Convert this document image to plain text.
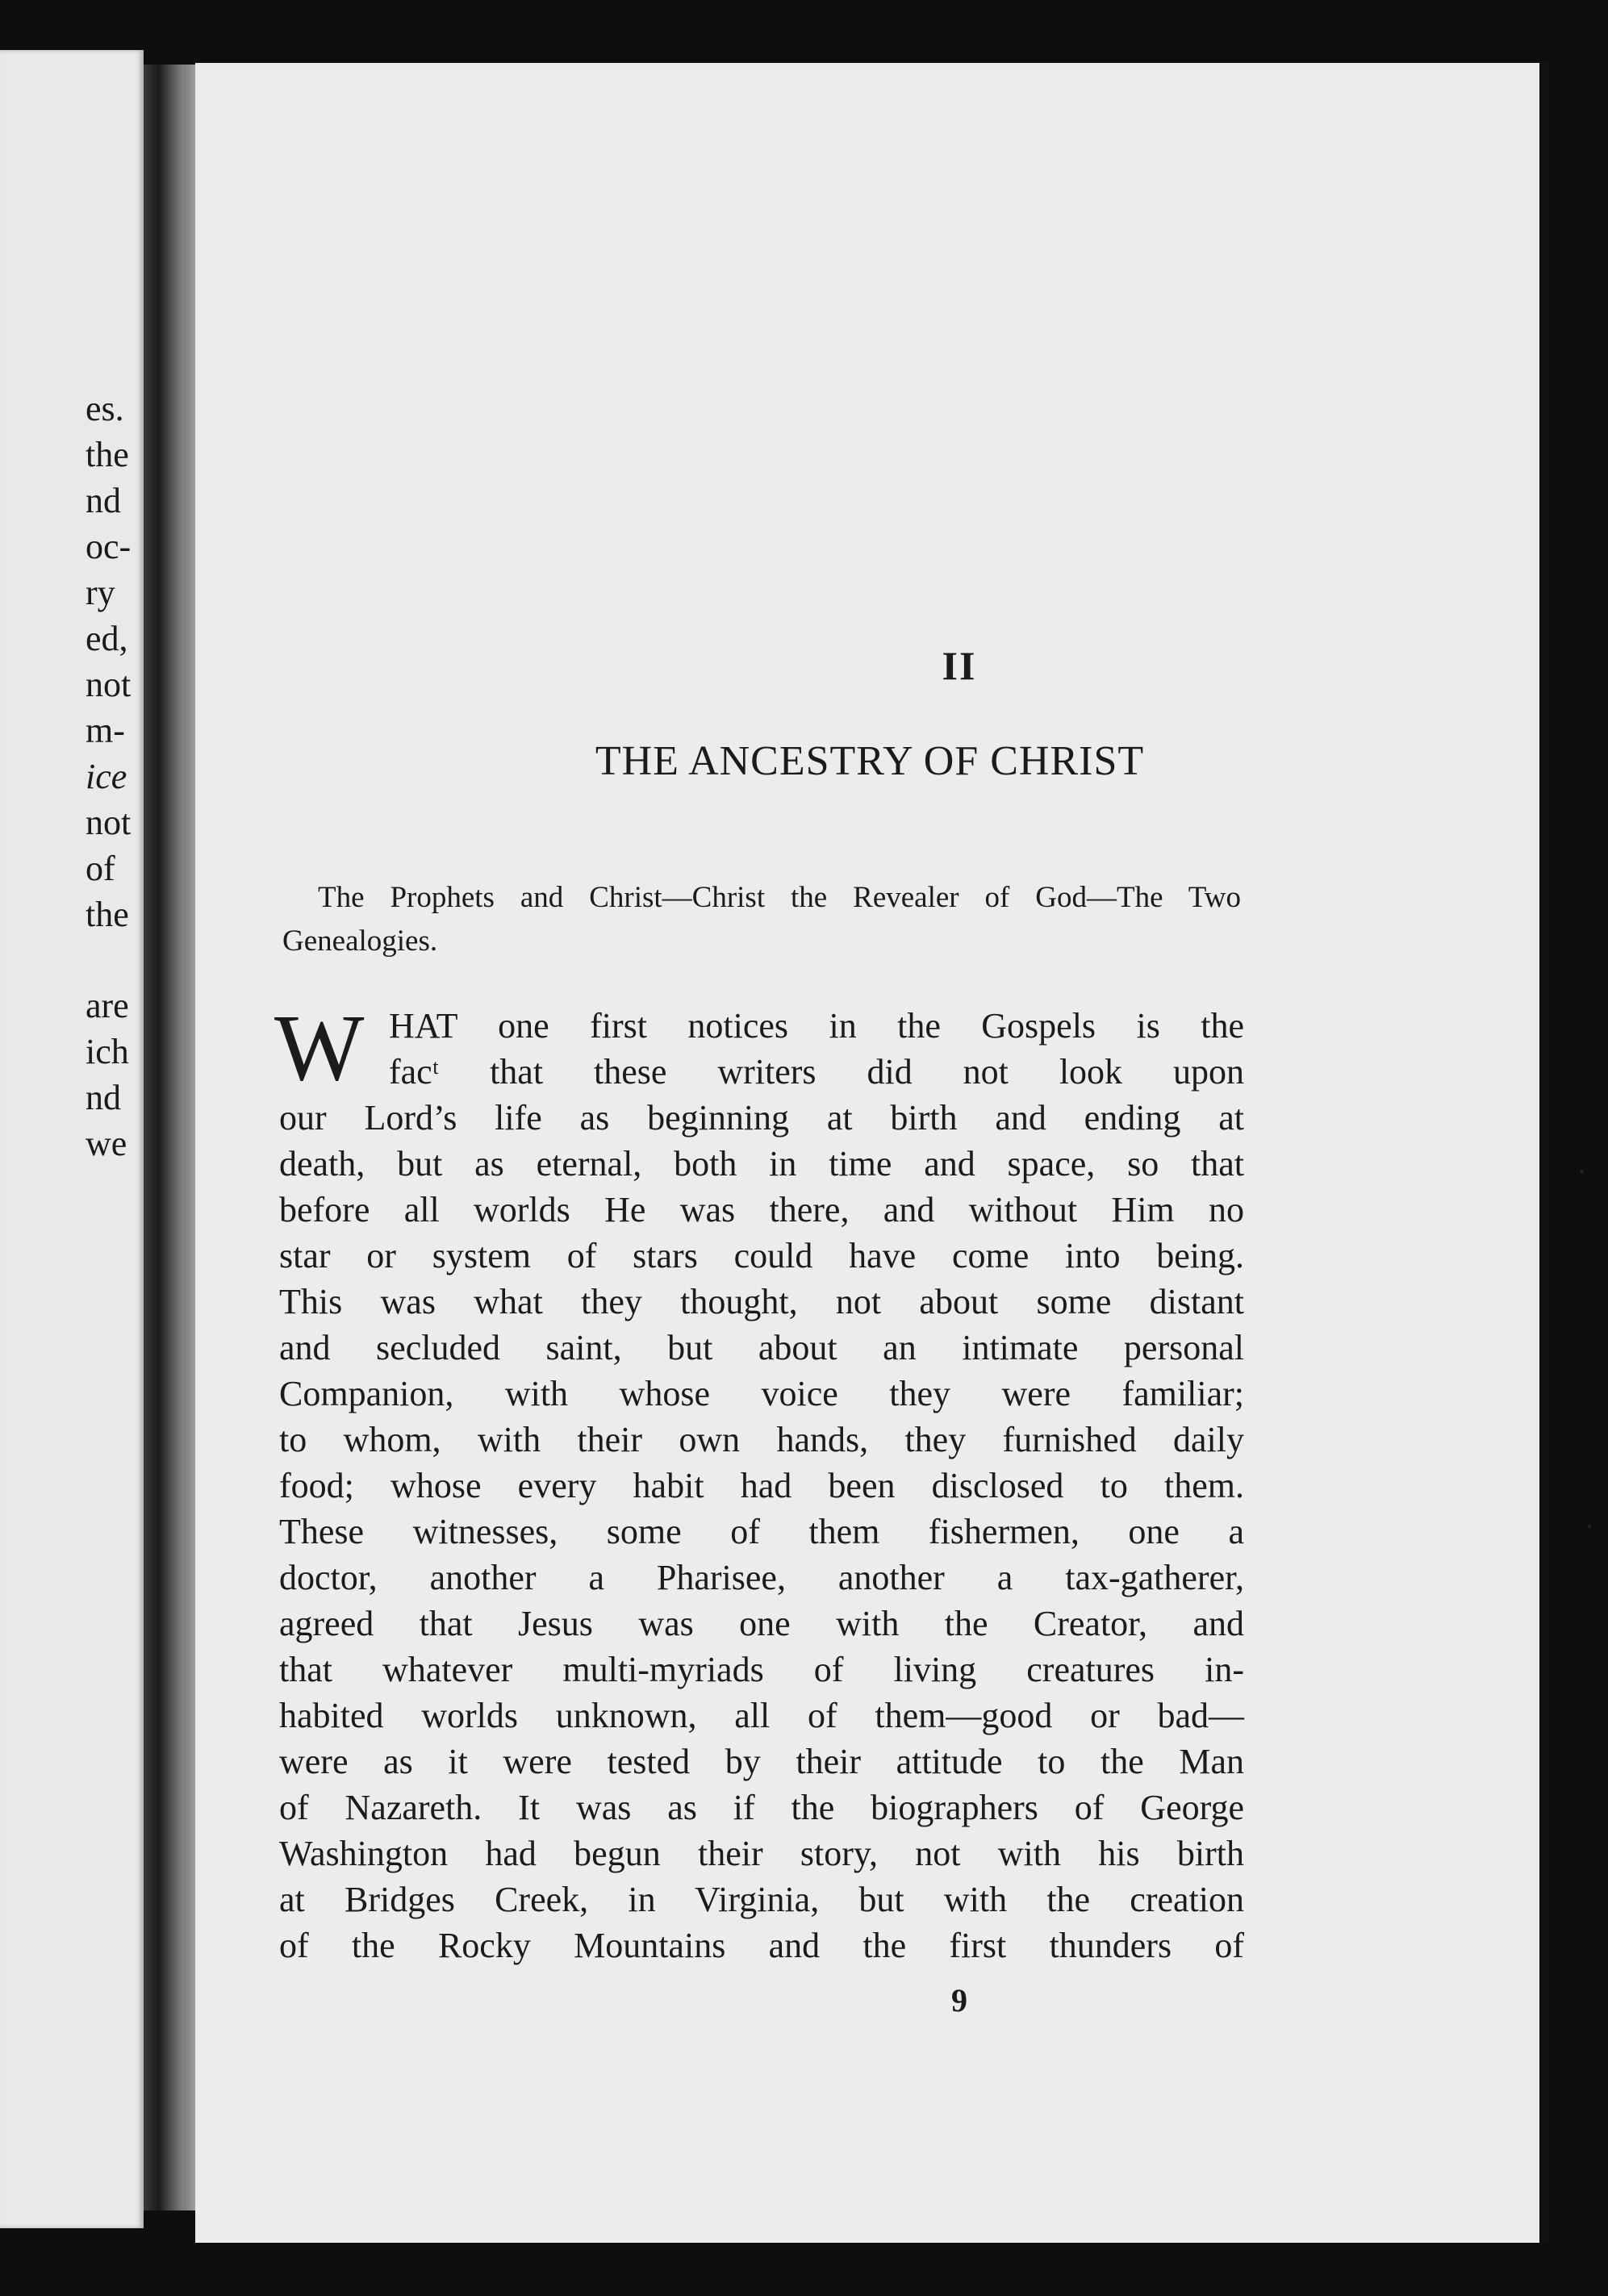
es.
the
nd
oc-
ry
ed,
not
m-
ice
not
of
the
are
ich
nd
we
II
THE ANCESTRY OF CHRIST
The Prophets and Christ—Christ the Revealer of God—The Two Genealogies.
W HAT one first notices in the Gospels is the
facᵗ that these writers did not look upon
our Lord’s life as beginning at birth and ending at
death, but as eternal, both in time and space, so that
before all worlds He was there, and without Him no
star or system of stars could have come into being.
This was what they thought, not about some distant
and secluded saint, but about an intimate personal
Companion, with whose voice they were familiar;
to whom, with their own hands, they furnished daily
food; whose every habit had been disclosed to them.
These witnesses, some of them fishermen, one a
doctor, another a Pharisee, another a tax-gatherer,
agreed that Jesus was one with the Creator, and
that whatever multi-myriads of living creatures in-
habited worlds unknown, all of them—good or bad—
were as it were tested by their attitude to the Man
of Nazareth. It was as if the biographers of George
Washington had begun their story, not with his birth
at Bridges Creek, in Virginia, but with the creation
of the Rocky Mountains and the first thunders of
9
